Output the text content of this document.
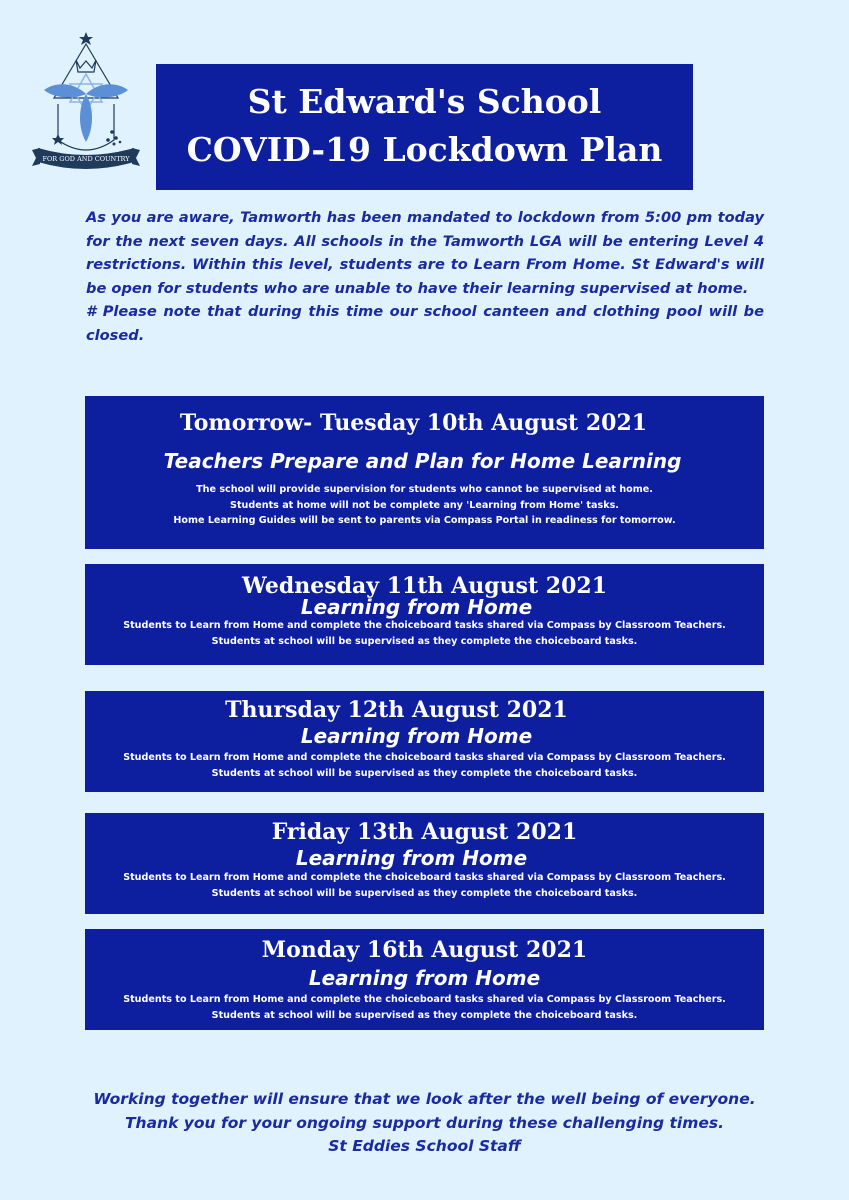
FOR GOD AND COUNTRY
St Edward's School
COVID-19 Lockdown Plan

As you are aware, Tamworth has been mandated to lockdown from 5:00 pm today for the next seven days. All schools in the Tamworth LGA will be entering Level 4 restrictions. Within this level, students are to Learn From Home. St Edward's will be open for students who are unable to have their learning supervised at home.

# Please note that during this time our school canteen and clothing pool will be closed.

Tomorrow- Tuesday 10th August 2021
Teachers Prepare and Plan for Home Learning
The school will provide supervision for students who cannot be supervised at home.
Students at home will not be complete any 'Learning from Home' tasks.
Home Learning Guides will be sent to parents via Compass Portal in readiness for tomorrow.
Wednesday 11th August 2021
Learning from Home
Students to Learn from Home and complete the choiceboard tasks shared via Compass by Classroom Teachers.
Students at school will be supervised as they complete the choiceboard tasks.
Thursday 12th August 2021
Learning from Home
Students to Learn from Home and complete the choiceboard tasks shared via Compass by Classroom Teachers.
Students at school will be supervised as they complete the choiceboard tasks.
Friday 13th August 2021
Learning from Home
Students to Learn from Home and complete the choiceboard tasks shared via Compass by Classroom Teachers.
Students at school will be supervised as they complete the choiceboard tasks.
Monday 16th August 2021
Learning from Home
Students to Learn from Home and complete the choiceboard tasks shared via Compass by Classroom Teachers.
Students at school will be supervised as they complete the choiceboard tasks.
Working together will ensure that we look after the well being of everyone.
Thank you for your ongoing support during these challenging times.
St Eddies School Staff
